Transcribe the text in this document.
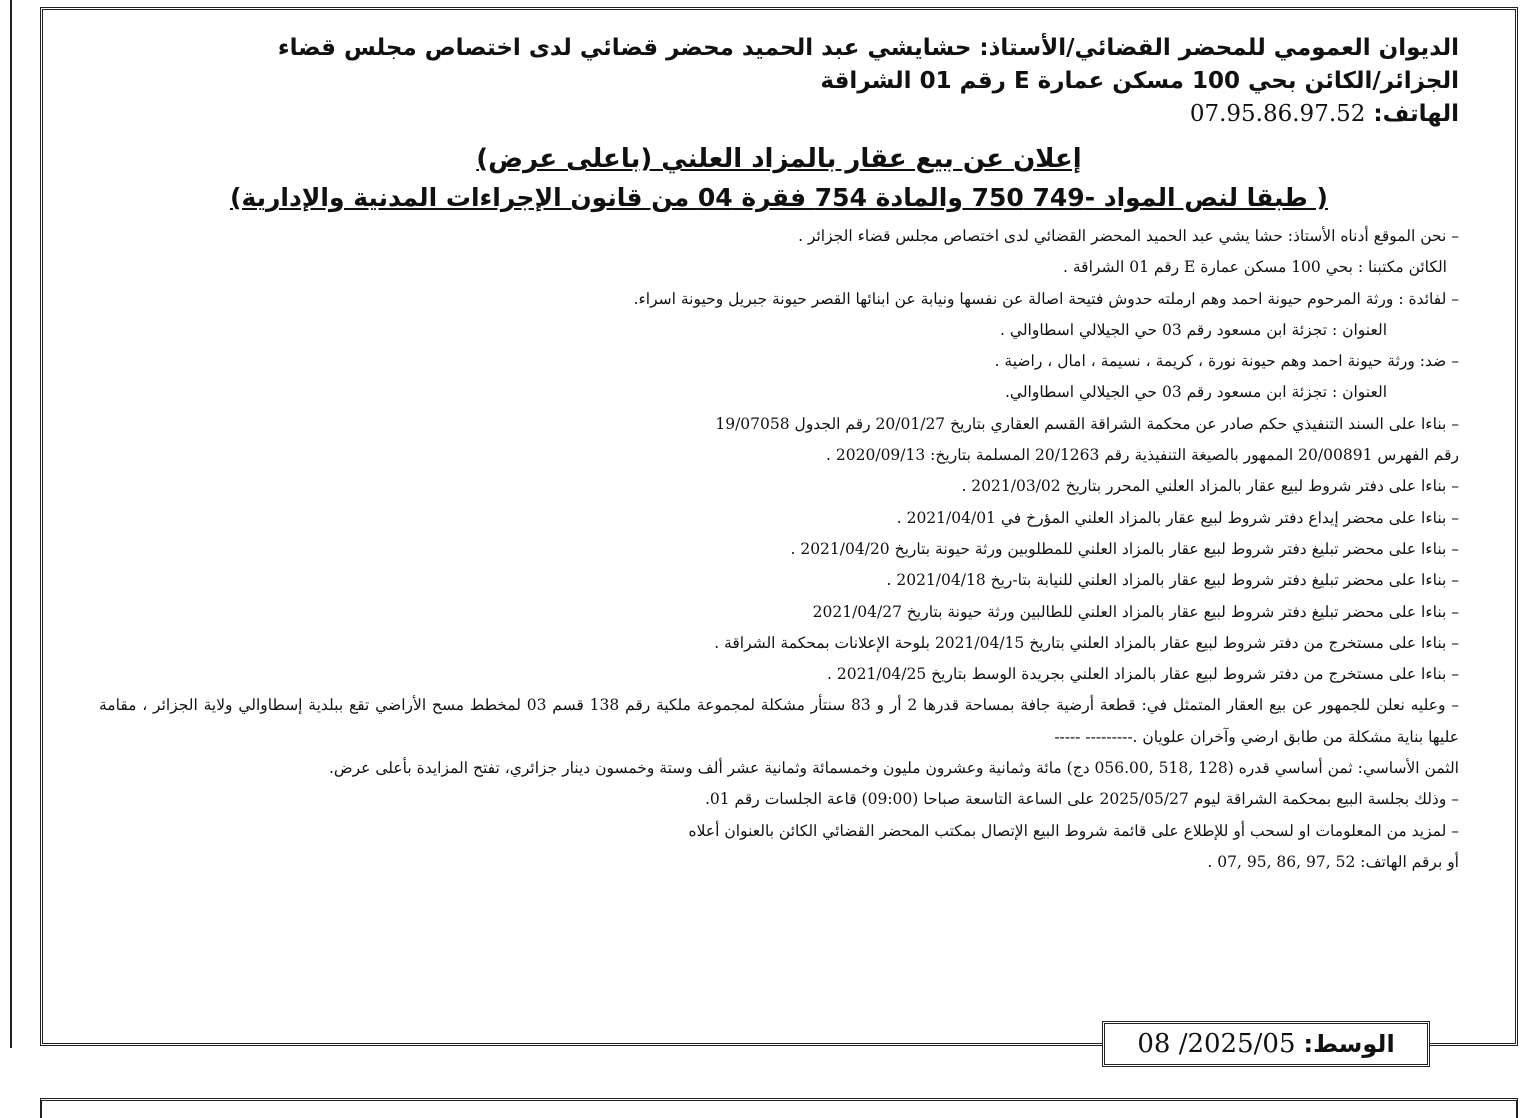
الديوان العمومي للمحضر القضائي/الأستاذ: حشايشي عبد الحميد محضر قضائي لدى اختصاص مجلس قضاء

الجزائر/الكائن بحي 100 مسكن عمارة E رقم 01 الشراقة

الهاتف: 07.95.86.97.52
إعلان عن بيع عقار بالمزاد العلني (باعلى عرض)
( طبقا لنص المواد -749 750 والمادة 754 فقرة 04 من قانون الإجراءات المدنية والإدارية)

– نحن الموقع أدناه الأستاذ: حشا يشي عبد الحميد المحضر القضائي لدى اختصاص مجلس قضاء الجزائر .

الكائن مكتبنا : بحي 100 مسكن عمارة E رقم 01 الشراقة .

– لفائدة : ورثة المرحوم حيونة احمد وهم ارملته حدوش فتيحة اصالة عن نفسها ونيابة عن ابنائها القصر حيونة جبريل وحيونة اسراء.

العنوان : تجزئة ابن مسعود رقم 03 حي الجيلالي اسطاوالي .

– ضد: ورثة حيونة احمد وهم حيونة نورة ، كريمة ، نسيمة ، امال ، راضية .

العنوان : تجزئة ابن مسعود رقم 03 حي الجيلالي اسطاوالي.

– بناءا على السند التنفيذي حكم صادر عن محكمة الشراقة القسم العقاري بتاريخ 20/01/27 رقم الجدول 19/07058

رقم الفهرس 20/00891 الممهور بالصيغة التنفيذية رقم 20/1263 المسلمة بتاريخ: 2020/09/13 .

– بناءا على دفتر شروط لبيع عقار بالمزاد العلني المحرر بتاريخ 2021/03/02 .

– بناءا على محضر إيداع دفتر شروط لبيع عقار بالمزاد العلني المؤرخ في 2021/04/01 .

– بناءا على محضر تبليغ دفتر شروط لبيع عقار بالمزاد العلني للمطلوبين ورثة حيونة بتاريخ 2021/04/20 .

– بناءا على محضر تبليغ دفتر شروط لبيع عقار بالمزاد العلني للنيابة بتا-ريخ 2021/04/18 .

– بناءا على محضر تبليغ دفتر شروط لبيع عقار بالمزاد العلني للطالبين ورثة حيونة بتاريخ 2021/04/27

– بناءا على مستخرج من دفتر شروط لبيع عقار بالمزاد العلني بتاريخ 2021/04/15 بلوحة الإعلانات بمحكمة الشراقة .

– بناءا على مستخرج من دفتر شروط لبيع عقار بالمزاد العلني بجريدة الوسط بتاريخ 2021/04/25 .

– وعليه نعلن للجمهور عن بيع العقار المتمثل في: قطعة أرضية جافة بمساحة قدرها 2 أر و 83 سنتأر مشكلة لمجموعة ملكية رقم 138 قسم 03 لمخطط مسح الأراضي تقع ببلدية إسطاوالي ولاية الجزائر ، مقامة عليها بناية مشكلة من طابق ارضي وآخران علويان .--------- -----

الثمن الأساسي: ثمن أساسي قدره (128 ,518 ,056.00 دج) مائة وثمانية وعشرون مليون وخمسمائة وثمانية عشر ألف وستة وخمسون دينار جزائري، تفتح المزايدة بأعلى عرض.

– وذلك بجلسة البيع بمحكمة الشراقة ليوم 2025/05/27 على الساعة التاسعة صباحا (09:00) قاعة الجلسات رقم 01.

– لمزيد من المعلومات او لسحب أو للإطلاع على قائمة شروط البيع الإتصال بمكتب المحضر القضائي الكائن بالعنوان أعلاه

أو برقم الهاتف: 52 ,97 ,86 ,95 ,07 .

الوسط:
2025/05/ 08
